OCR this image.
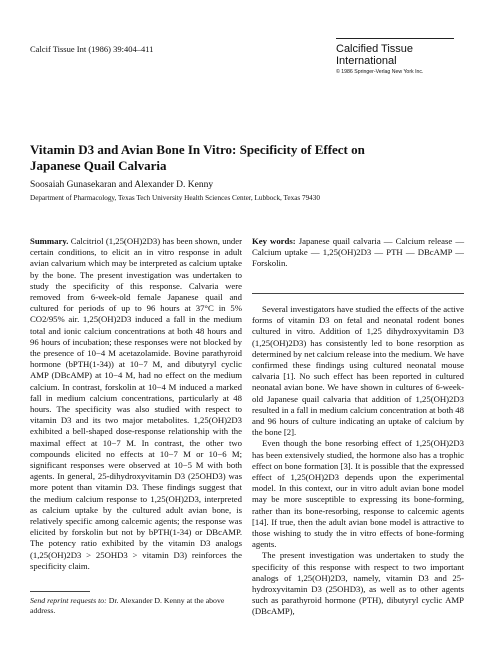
Calcif Tissue Int (1986) 39:404–411	Calcified Tissue
International
© 1986 Springer-Verlag New York Inc.
Vitamin D3 and Avian Bone In Vitro: Specificity of Effect on
Japanese Quail Calvaria
Soosaiah Gunasekaran and Alexander D. Kenny
Department of Pharmacology, Texas Tech University Health Sciences Center, Lubbock, Texas 79430

Summary. Calcitriol (1,25(OH)2D3) has been shown, under certain conditions, to elicit an in vitro response in adult avian calvarium which may be interpreted as calcium uptake by the bone. The present investigation was undertaken to study the specificity of this response. Calvaria were removed from 6-week-old female Japanese quail and cultured for periods of up to 96 hours at 37°C in 5% CO2/95% air. 1,25(OH)2D3 induced a fall in the medium total and ionic calcium concentrations at both 48 hours and 96 hours of incubation; these responses were not blocked by the presence of 10−4 M acetazolamide. Bovine parathyroid hormone (bPTH(1-34)) at 10−7 M, and dibutyryl cyclic AMP (DBcAMP) at 10−4 M, had no effect on the medium calcium. In contrast, forskolin at 10−4 M induced a marked fall in medium calcium concentrations, particularly at 48 hours. The specificity was also studied with respect to vitamin D3 and its two major metabolites. 1,25(OH)2D3 exhibited a bell-shaped dose-response relationship with the maximal effect at 10−7 M. In contrast, the other two compounds elicited no effects at 10−7 M or 10−6 M; significant responses were observed at 10−5 M with both agents. In general, 25-dihydroxyvitamin D3 (25OHD3) was more potent than vitamin D3. These findings suggest that the medium calcium response to 1,25(OH)2D3, interpreted as calcium uptake by the cultured adult avian bone, is relatively specific among calcemic agents; the response was elicited by forskolin but not by bPTH(1-34) or DBcAMP. The potency ratio exhibited by the vitamin D3 analogs (1,25(OH)2D3 > 25OHD3 > vitamin D3) reinforces the specificity claim.

Key words: Japanese quail calvaria — Calcium release — Calcium uptake — 1,25(OH)2D3 — PTH — DBcAMP — Forskolin.

Several investigators have studied the effects of the active forms of vitamin D3 on fetal and neonatal rodent bones cultured in vitro. Addition of 1,25 dihydroxyvitamin D3 (1,25(OH)2D3) has consistently led to bone resorption as determined by net calcium release into the medium. We have confirmed these findings using cultured neonatal mouse calvaria [1]. No such effect has been reported in cultured neonatal avian bone. We have shown in cultures of 6-week-old Japanese quail calvaria that addition of 1,25(OH)2D3 resulted in a fall in medium calcium concentration at both 48 and 96 hours of culture indicating an uptake of calcium by the bone [2].

Even though the bone resorbing effect of 1,25(OH)2D3 has been extensively studied, the hormone also has a trophic effect on bone formation [3]. It is possible that the expressed effect of 1,25(OH)2D3 depends upon the experimental model. In this context, our in vitro adult avian bone model may be more susceptible to expressing its bone-forming, rather than its bone-resorbing, response to calcemic agents [14]. If true, then the adult avian bone model is attractive to those wishing to study the in vitro effects of bone-forming agents.

The present investigation was undertaken to study the specificity of this response with respect to two important analogs of 1,25(OH)2D3, namely, vitamin D3 and 25-hydroxyvitamin D3 (25OHD3), as well as to other agents such as parathyroid hormone (PTH), dibutyryl cyclic AMP (DBcAMP),

Send reprint requests to: Dr. Alexander D. Kenny at the above address.
